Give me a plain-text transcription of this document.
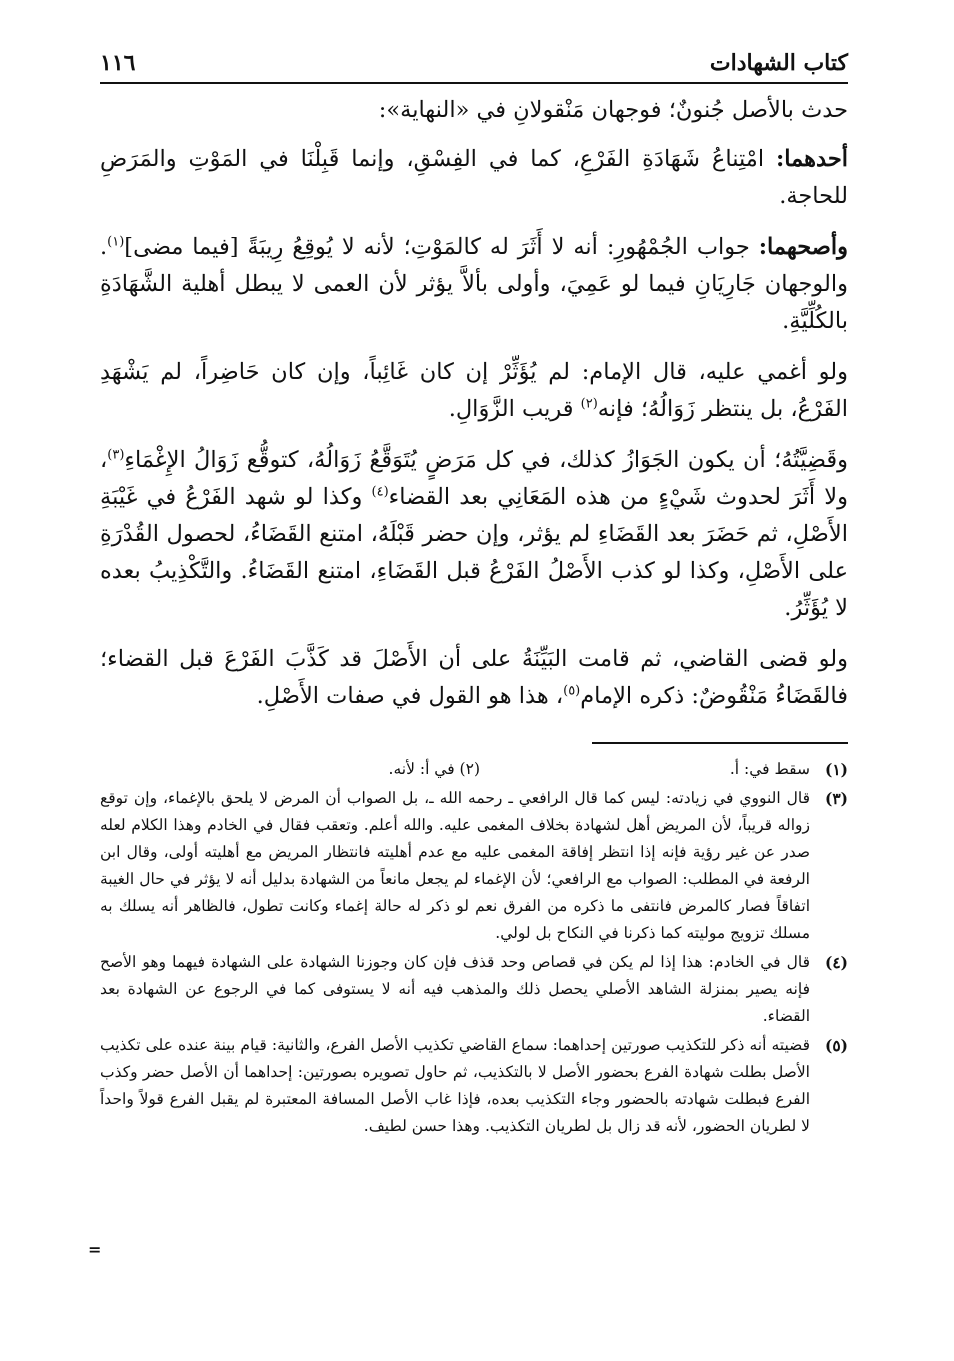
١١٦	كتاب الشهادات

حدث بالأصل جُنونٌ؛ فوجهان مَنْقولانِ في «النهاية»:

أحدهما: امْتِناعُ شَهَادَةِ الفَرْعِ، كما في الفِسْقِ، وإنما قَبِلْنَا في المَوْتِ والمَرَضِ للحاجة.

وأصحهما: جواب الجُمْهُورِ: أنه لا أَثَرَ له كالمَوْتِ؛ لأنه لا يُوقِعُ رِيبَةً [فيما مضى]$^{(١)}$. والوجهان جَارِيَانِ فيما لو عَمِيَ، وأولى بألاَّ يؤثر لأن العمى لا يبطل أهلية الشَّهَادَةِ بالكُلِّيَّةِ.

ولو أغمي عليه، قال الإمام: لم يُؤَثِّرْ إن كان غَائِباً، وإن كان حَاضِراً، لم يَشْهَدِ الفَرْعُ، بل ينتظر زَوَالُهُ؛ فإنه$^{(٢)}$ قريب الزَّوَالِ.

وقَضِيَّتُهُ؛ أن يكون الجَوَازُ كذلك، في كل مَرَضٍ يُتَوَقَّعُ زَوَالُهُ، كتوقُّع زَوَالُ الإِغْمَاءِ$^{(٣)}$، ولا أَثَرَ لحدوث شَيْءٍ من هذه المَعَانِي بعد القضاء$^{(٤)}$ وكذا لو شهد الفَرْعُ في غَيْبَةِ الأَصْلِ، ثم حَضَرَ بعد القَضَاءِ لم يؤثر، وإن حضر قَبْلَهُ، امتنع القَضَاءُ، لحصول القُدْرَةِ على الأَصْلِ، وكذا لو كذب الأَصْلُ الفَرْعُ قبل القَضَاءِ، امتنع القَضَاءُ. والتَّكْذِيبُ بعده لا يُؤَثِّرُ.

ولو قضى القاضي، ثم قامت البَيِّنَةُ على أن الأَصْلَ قد كَذَّبَ الفَرْعَ قبل القضاء؛ فالقَضَاءُ مَنْقُوضٌ: ذكره الإمام$^{(٥)}$، هذا هو القول في صفات الأَصْلِ.

(١)
سقط في: أ.
(٢) في أ: لأنه.
(٣)
قال النووي في زيادته: ليس كما قال الرافعي ـ رحمه الله ـ، بل الصواب أن المرض لا يلحق بالإغماء، وإن توقع زواله قريباً، لأن المريض أهل لشهادة بخلاف المغمى عليه. والله أعلم. وتعقب فقال في الخادم وهذا الكلام لعله صدر عن غير رؤية فإنه إذا انتظر إفاقة المغمى عليه مع عدم أهليته فانتظار المريض مع أهليته أولى، وقال ابن الرفعة في المطلب: الصواب مع الرافعي؛ لأن الإغماء لم يجعل مانعاً من الشهادة بدليل أنه لا يؤثر في حال الغيبة اتفاقاً فصار كالمرض فانتفى ما ذكره من الفرق نعم لو ذكر له حالة إغماء وكانت تطول، فالظاهر أنه يسلك به مسلك تزويج موليته كما ذكرنا في النكاح بل لولي.
(٤)
قال في الخادم: هذا إذا لم يكن في قصاص وحد قذف فإن كان وجوزنا الشهادة على الشهادة فيهما وهو الأصح فإنه يصير بمنزلة الشاهد الأصلي يحصل ذلك والمذهب فيه أنه لا يستوفى كما في الرجوع عن الشهادة بعد القضاء.
(٥)
قضيته أنه ذكر للتكذيب صورتين إحداهما: سماع القاضي تكذيب الأصل الفرع، والثانية: قيام بينة عنده على تكذيب الأصل بطلت شهادة الفرع بحضور الأصل لا بالتكذيب، ثم حاول تصويره بصورتين: إحداهما أن الأصل حضر وكذب الفرع فبطلت شهادته بالحضور وجاء التكذيب بعده، فإذا غاب الأصل المسافة المعتبرة لم يقبل الفرع قولاً واحداً لا لطريان الحضور، لأنه قد زال بل لطريان التكذيب. وهذا حسن لطيف.
=
